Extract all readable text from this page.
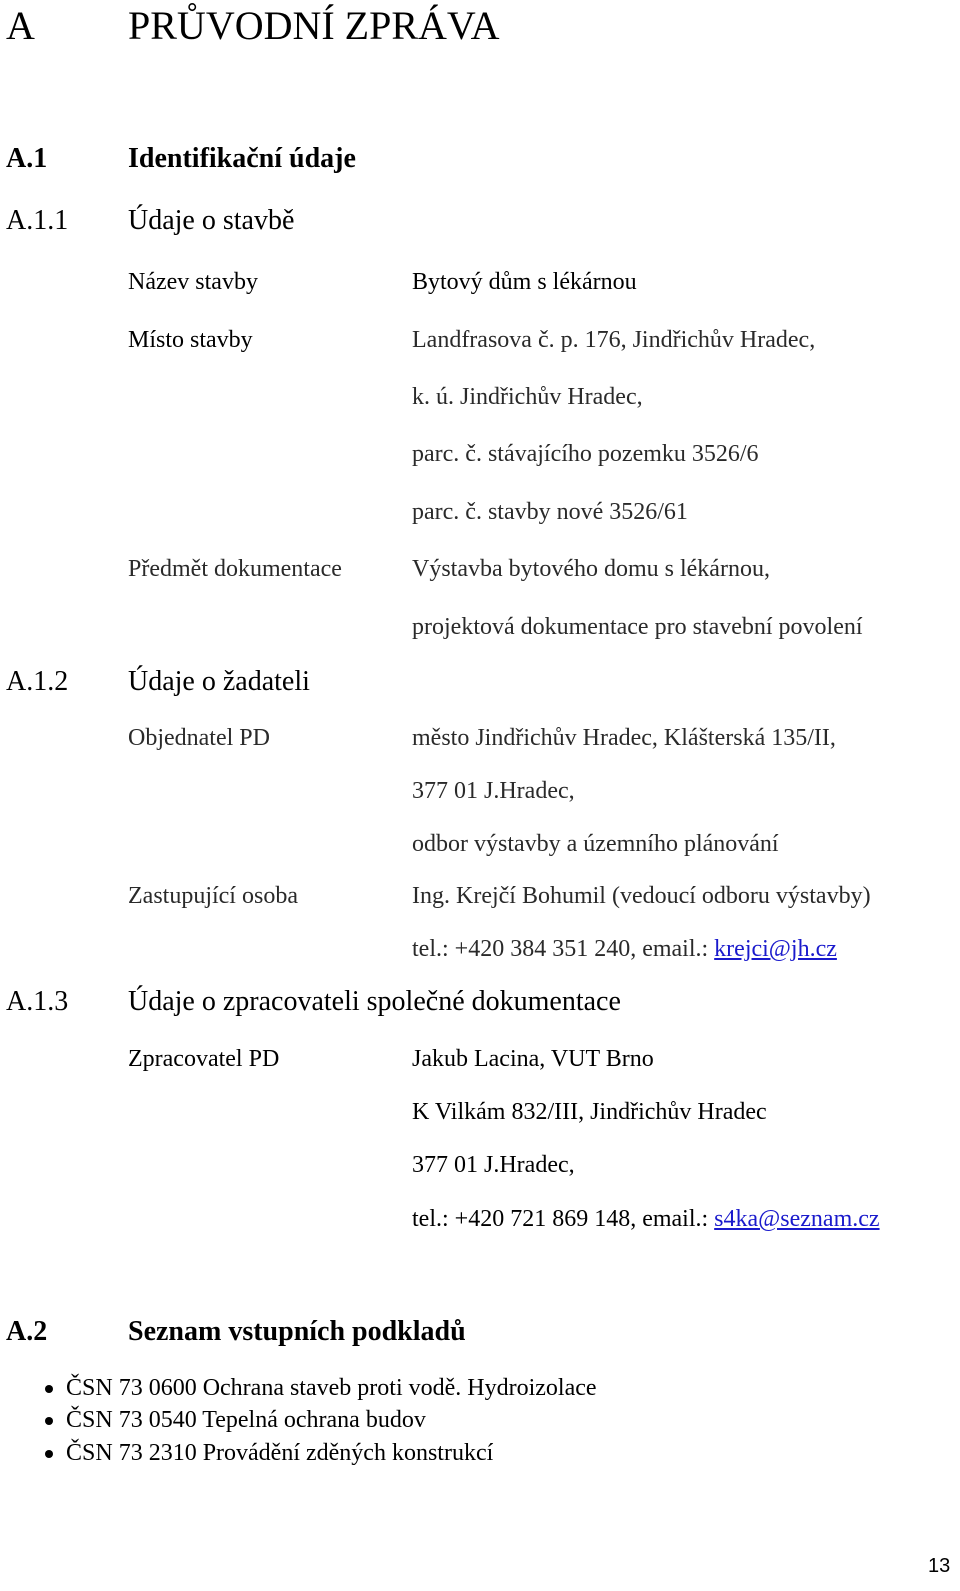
A PRŮVODNÍ ZPRÁVA
A.1	Identifikační údaje
A.1.1 Údaje o stavbě
Název stavby	Bytový dům s lékárnou
Místo stavby	Landfrasova č. p. 176, Jindřichův Hradec,
k. ú. Jindřichův Hradec,
parc. č. stávajícího pozemku 3526/6
parc. č. stavby nové 3526/61
Předmět dokumentace	Výstavba bytového domu s lékárnou,
projektová dokumentace pro stavební povolení
A.1.2 Údaje o žadateli
Objednatel PD	město Jindřichův Hradec, Klášterská 135/II,
377 01 J.Hradec,
odbor výstavby a územního plánování
Zastupující osoba	Ing. Krejčí Bohumil (vedoucí odboru výstavby)
tel.: +420 384 351 240, email.: krejci@jh.cz
A.1.3 Údaje o zpracovateli společné dokumentace
Zpracovatel PD	Jakub Lacina, VUT Brno
K Vilkám 832/III, Jindřichův Hradec
377 01 J.Hradec,
tel.: +420 721 869 148, email.: s4ka@seznam.cz
A.2	Seznam vstupních podkladů
ČSN 73 0600 Ochrana staveb proti vodě. Hydroizolace
ČSN 73 0540 Tepelná ochrana budov
ČSN 73 2310 Provádění zděných konstrukcí
13
